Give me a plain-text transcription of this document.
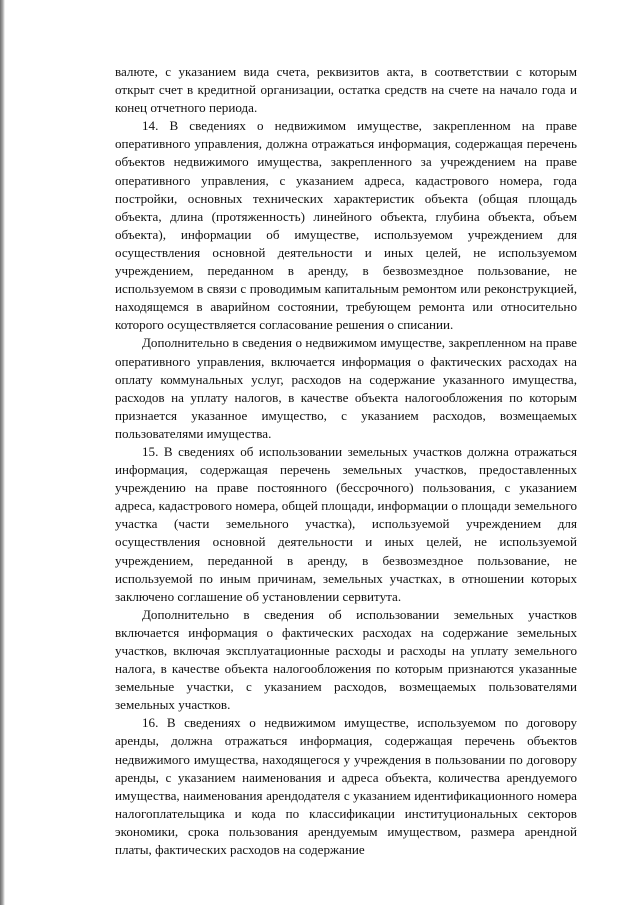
валюте, с указанием вида счета, реквизитов акта, в соответствии с которым открыт счет в кредитной организации, остатка средств на счете на начало года и конец отчетного периода.

14. В сведениях о недвижимом имуществе, закрепленном на праве оперативного управления, должна отражаться информация, содержащая перечень объектов недвижимого имущества, закрепленного за учреждением на праве оперативного управления, с указанием адреса, кадастрового номера, года постройки, основных технических характеристик объекта (общая площадь объекта, длина (протяженность) линейного объекта, глубина объекта, объем объекта), информации об имуществе, используемом учреждением для осуществления основной деятельности и иных целей, не используемом учреждением, переданном в аренду, в безвозмездное пользование, не используемом в связи с проводимым капитальным ремонтом или реконструкцией, находящемся в аварийном состоянии, требующем ремонта или относительно которого осуществляется согласование решения о списании.

Дополнительно в сведения о недвижимом имуществе, закрепленном на праве оперативного управления, включается информация о фактических расходах на оплату коммунальных услуг, расходов на содержание указанного имущества, расходов на уплату налогов, в качестве объекта налогообложения по которым признается указанное имущество, с указанием расходов, возмещаемых пользователями имущества.

15. В сведениях об использовании земельных участков должна отражаться информация, содержащая перечень земельных участков, предоставленных учреждению на праве постоянного (бессрочного) пользования, с указанием адреса, кадастрового номера, общей площади, информации о площади земельного участка (части земельного участка), используемой учреждением для осуществления основной деятельности и иных целей, не используемой учреждением, переданной в аренду, в безвозмездное пользование, не используемой по иным причинам, земельных участках, в отношении которых заключено соглашение об установлении сервитута.

Дополнительно в сведения об использовании земельных участков включается информация о фактических расходах на содержание земельных участков, включая эксплуатационные расходы и расходы на уплату земельного налога, в качестве объекта налогообложения по которым признаются указанные земельные участки, с указанием расходов, возмещаемых пользователями земельных участков.

16. В сведениях о недвижимом имуществе, используемом по договору аренды, должна отражаться информация, содержащая перечень объектов недвижимого имущества, находящегося у учреждения в пользовании по договору аренды, с указанием наименования и адреса объекта, количества арендуемого имущества, наименования арендодателя с указанием идентификационного номера налогоплательщика и кода по классификации институциональных секторов экономики, срока пользования арендуемым имуществом, размера арендной платы, фактических расходов на содержание
